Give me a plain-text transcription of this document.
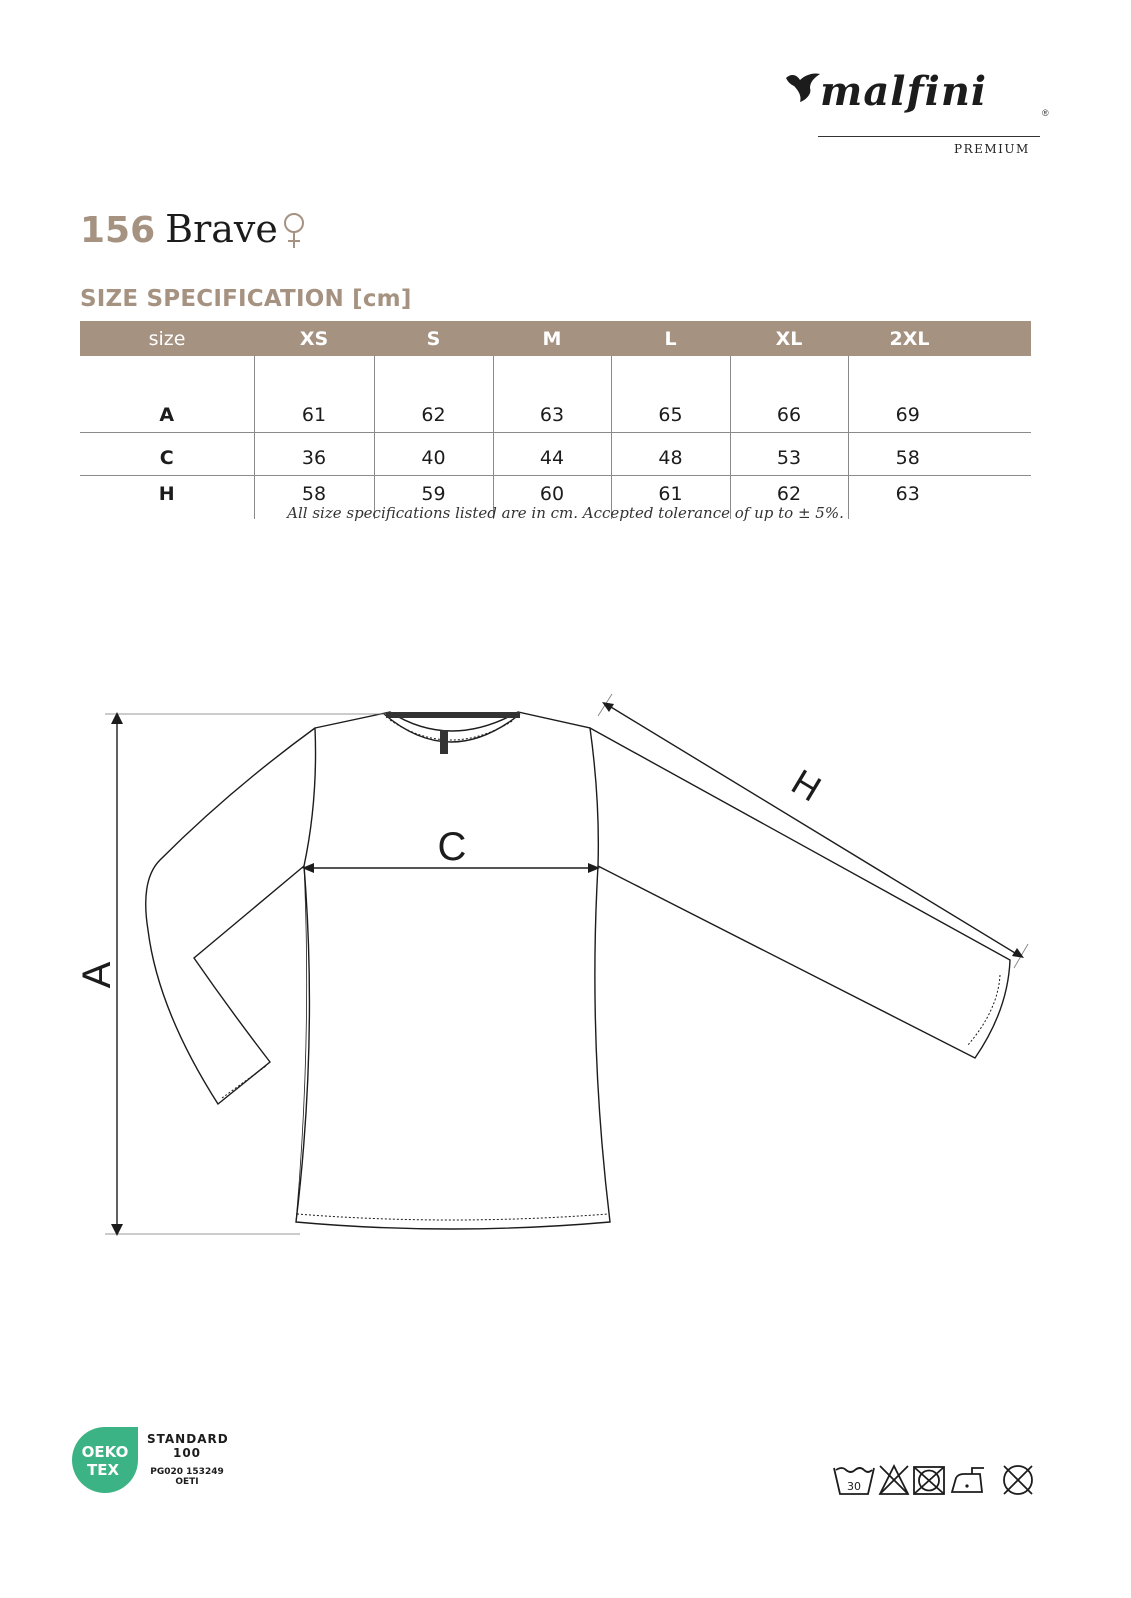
malfini	®
PREMIUM
156 Brave
SIZE SPECIFICATION [cm]
size	XS	S	M	L	XL	2XL
A	61	62	63	65	66	69
C	36	40	44	48	53	58
H	58	59	60	61	62	63
All size specifications listed are in cm. Accepted tolerance of up to ± 5%.
A
C
H
OEKO
TEX
STANDARD
100
PG020 153249
OETI	30
